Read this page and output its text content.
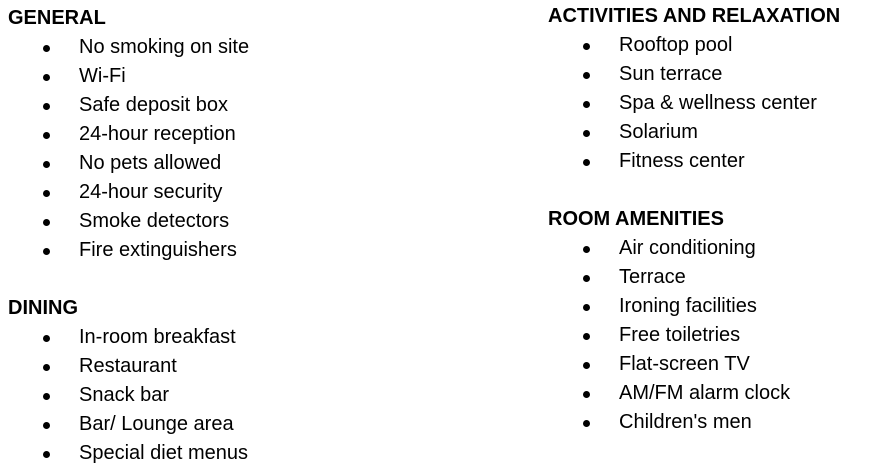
GENERAL
No smoking on site
Wi-Fi
Safe deposit box
24-hour reception
No pets allowed
24-hour security
Smoke detectors
Fire extinguishers
DINING
In-room breakfast
Restaurant
Snack bar
Bar/ Lounge area
Special diet menus
ACTIVITIES AND RELAXATION
Rooftop pool
Sun terrace
Spa & wellness center
Solarium
Fitness center
ROOM AMENITIES
Air conditioning
Terrace
Ironing facilities
Free toiletries
Flat-screen TV
AM/FM alarm clock
Children's men
